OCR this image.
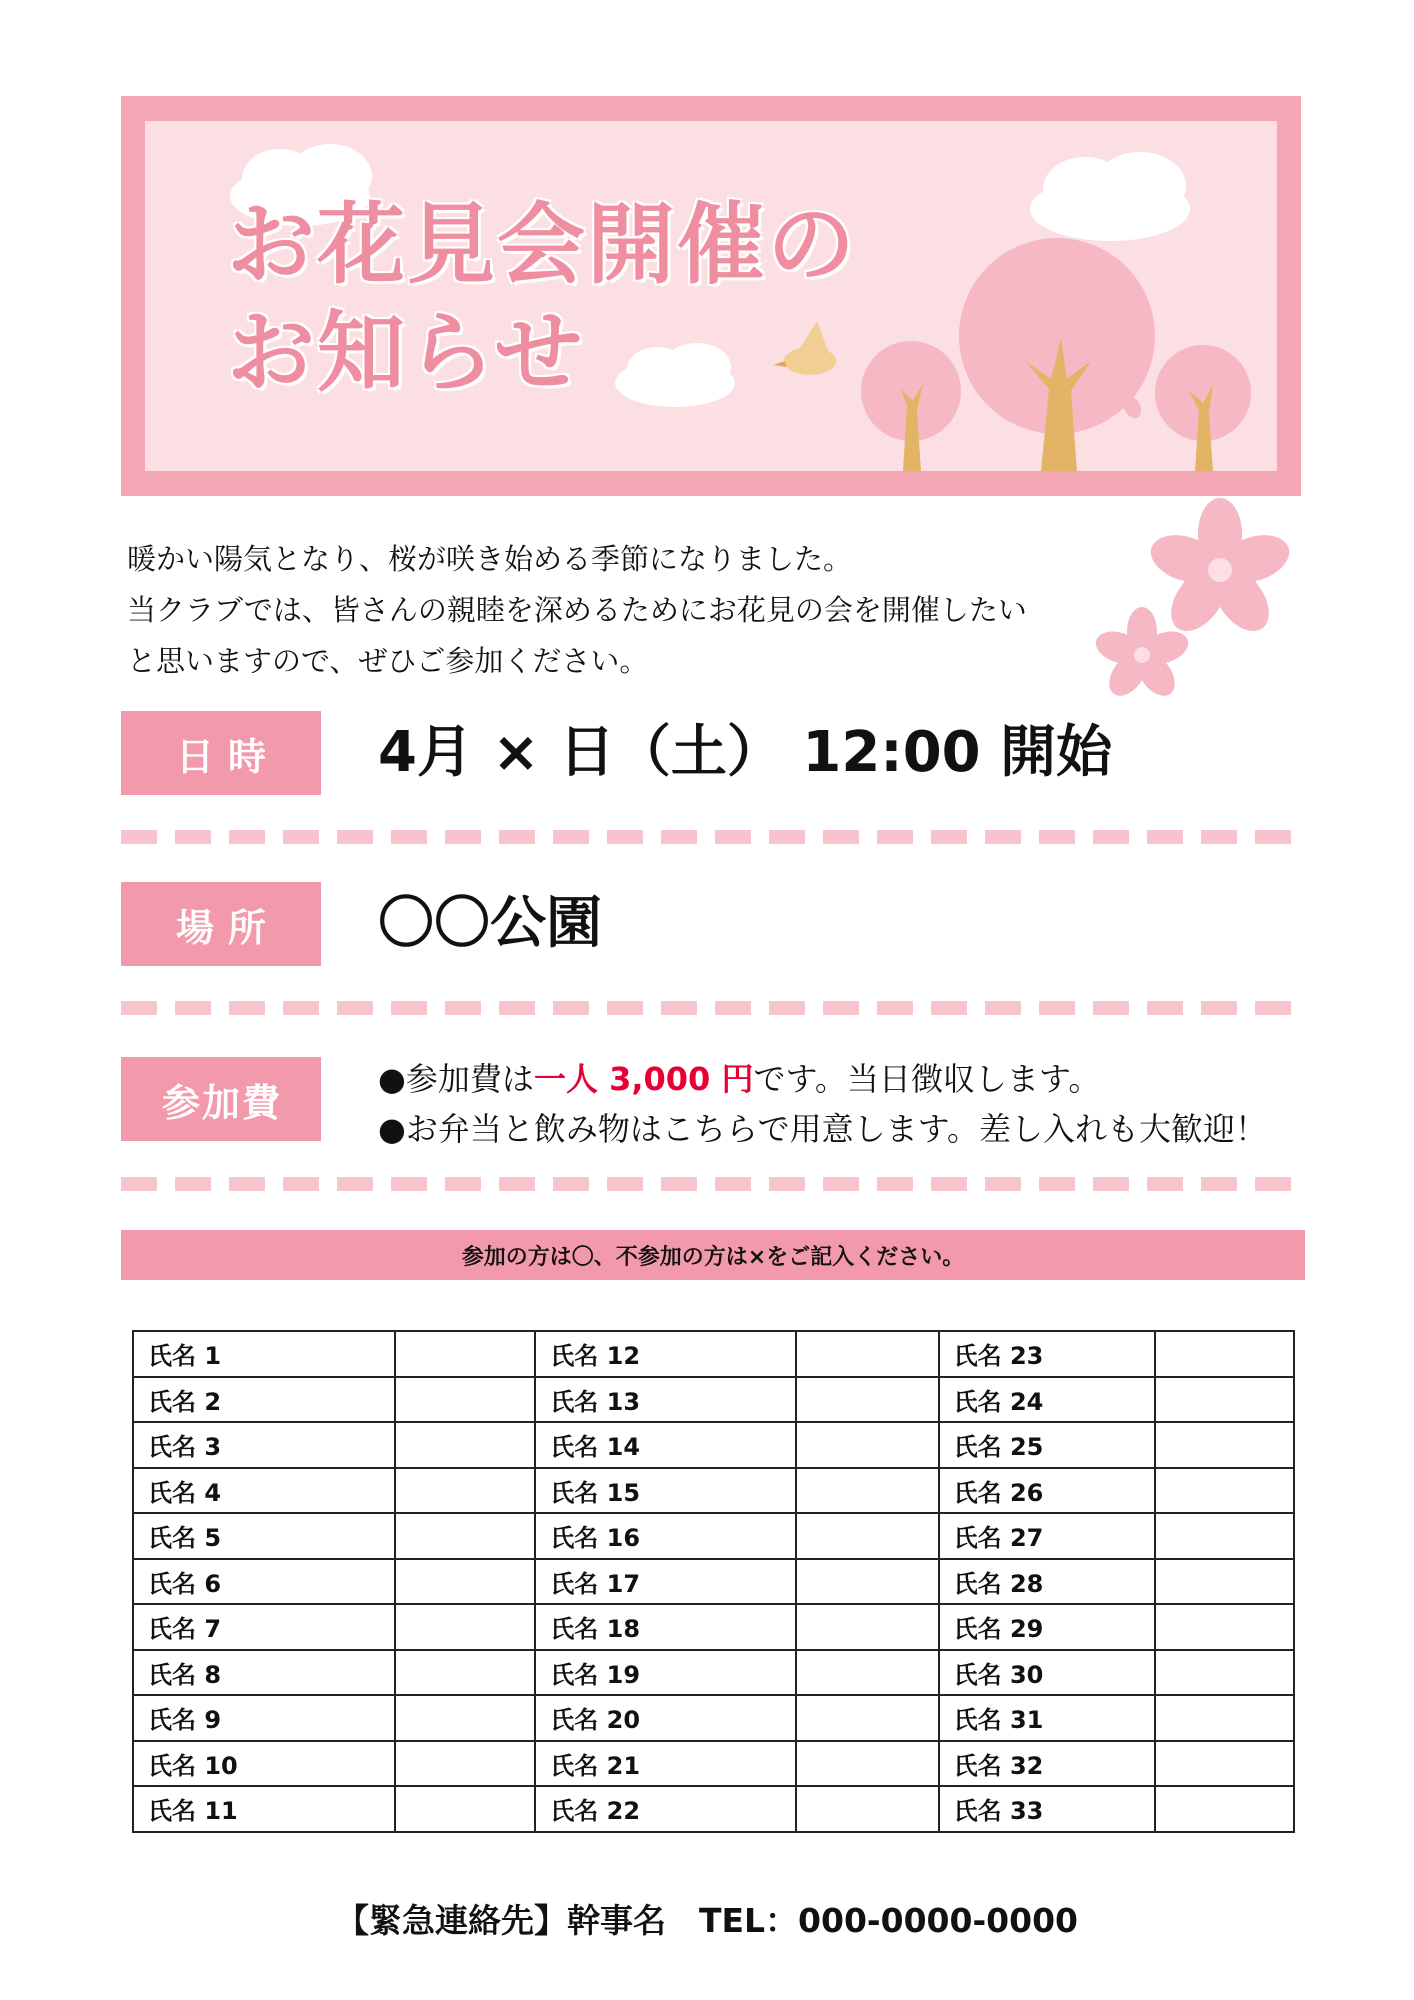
お花見会開催の
お知らせ

暖かい陽気となり、桜が咲き始める季節になりました。

当クラブでは、皆さんの親睦を深めるためにお花見の会を開催したい

と思いますので、ぜひご参加ください。

日時	4月 × 日（土） 12:00 開始
場所	〇〇公園
参加費
●参加費は一人 3,000 円です。当日徴収します。
●お弁当と飲み物はこちらで用意します。差し入れも大歓迎！
参加の方は〇、不参加の方は×をご記入ください。
氏名 1		氏名 12		氏名 23	
氏名 2		氏名 13		氏名 24	
氏名 3		氏名 14		氏名 25	
氏名 4		氏名 15		氏名 26	
氏名 5		氏名 16		氏名 27	
氏名 6		氏名 17		氏名 28	
氏名 7		氏名 18		氏名 29	
氏名 8		氏名 19		氏名 30	
氏名 9		氏名 20		氏名 31	
氏名 10		氏名 21		氏名 32	
氏名 11		氏名 22		氏名 33	
【緊急連絡先】幹事名　TEL：000-0000-0000
